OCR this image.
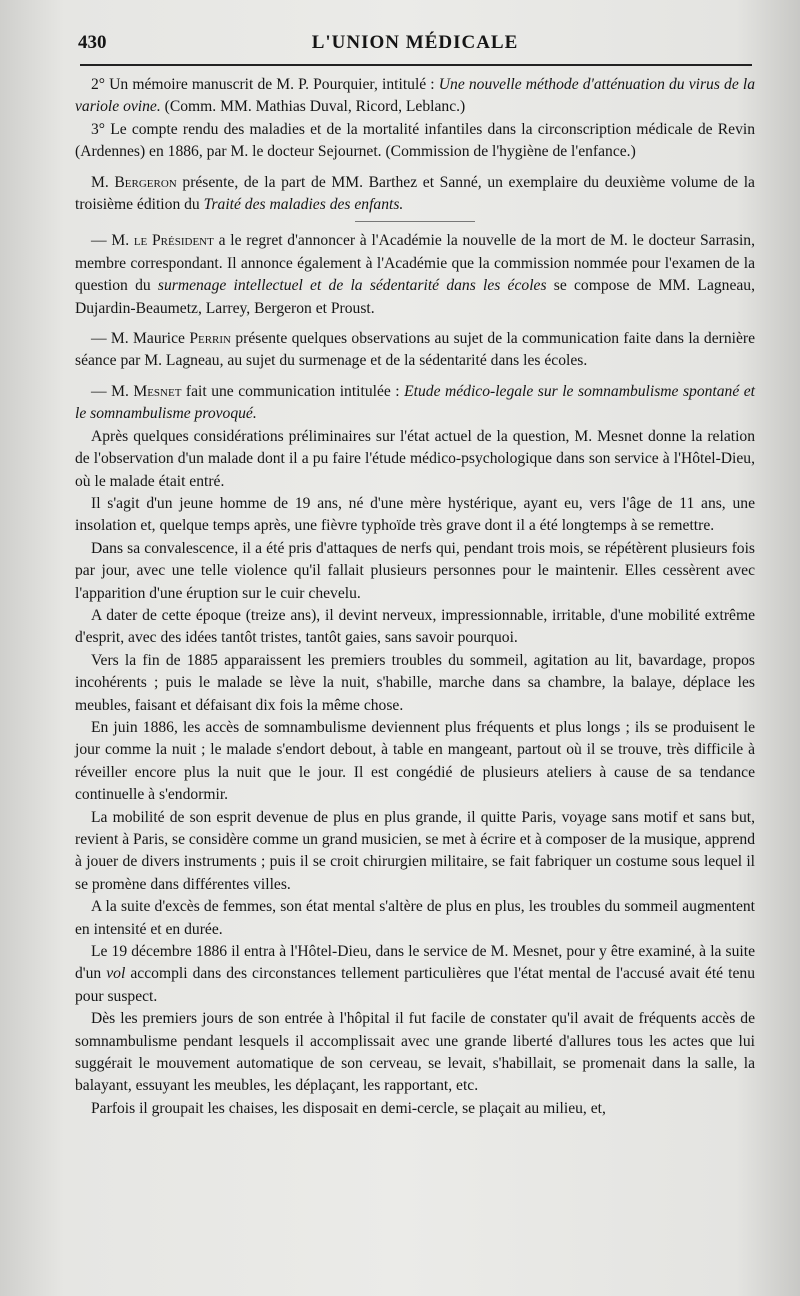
430	L'UNION MÉDICALE

2° Un mémoire manuscrit de M. P. Pourquier, intitulé : Une nouvelle méthode d'atténuation du virus de la variole ovine. (Comm. MM. Mathias Duval, Ricord, Leblanc.)

3° Le compte rendu des maladies et de la mortalité infantiles dans la circonscription médicale de Revin (Ardennes) en 1886, par M. le docteur Sejournet. (Commission de l'hygiène de l'enfance.)

M. Bergeron présente, de la part de MM. Barthez et Sanné, un exemplaire du deuxième volume de la troisième édition du Traité des maladies des enfants.

— M. le Président a le regret d'annoncer à l'Académie la nouvelle de la mort de M. le docteur Sarrasin, membre correspondant. Il annonce également à l'Académie que la commission nommée pour l'examen de la question du surmenage intellectuel et de la sédentarité dans les écoles se compose de MM. Lagneau, Dujardin-Beaumetz, Larrey, Bergeron et Proust.

— M. Maurice Perrin présente quelques observations au sujet de la communication faite dans la dernière séance par M. Lagneau, au sujet du surmenage et de la sédentarité dans les écoles.

— M. Mesnet fait une communication intitulée : Etude médico-legale sur le somnambulisme spontané et le somnambulisme provoqué.

Après quelques considérations préliminaires sur l'état actuel de la question, M. Mesnet donne la relation de l'observation d'un malade dont il a pu faire l'étude médico-psychologique dans son service à l'Hôtel-Dieu, où le malade était entré.

Il s'agit d'un jeune homme de 19 ans, né d'une mère hystérique, ayant eu, vers l'âge de 11 ans, une insolation et, quelque temps après, une fièvre typhoïde très grave dont il a été longtemps à se remettre.

Dans sa convalescence, il a été pris d'attaques de nerfs qui, pendant trois mois, se répétèrent plusieurs fois par jour, avec une telle violence qu'il fallait plusieurs personnes pour le maintenir. Elles cessèrent avec l'apparition d'une éruption sur le cuir chevelu.

A dater de cette époque (treize ans), il devint nerveux, impressionnable, irritable, d'une mobilité extrême d'esprit, avec des idées tantôt tristes, tantôt gaies, sans savoir pourquoi.

Vers la fin de 1885 apparaissent les premiers troubles du sommeil, agitation au lit, bavardage, propos incohérents ; puis le malade se lève la nuit, s'habille, marche dans sa chambre, la balaye, déplace les meubles, faisant et défaisant dix fois la même chose.

En juin 1886, les accès de somnambulisme deviennent plus fréquents et plus longs ; ils se produisent le jour comme la nuit ; le malade s'endort debout, à table en mangeant, partout où il se trouve, très difficile à réveiller encore plus la nuit que le jour. Il est congédié de plusieurs ateliers à cause de sa tendance continuelle à s'endormir.

La mobilité de son esprit devenue de plus en plus grande, il quitte Paris, voyage sans motif et sans but, revient à Paris, se considère comme un grand musicien, se met à écrire et à composer de la musique, apprend à jouer de divers instruments ; puis il se croit chirurgien militaire, se fait fabriquer un costume sous lequel il se promène dans différentes villes.

A la suite d'excès de femmes, son état mental s'altère de plus en plus, les troubles du sommeil augmentent en intensité et en durée.

Le 19 décembre 1886 il entra à l'Hôtel-Dieu, dans le service de M. Mesnet, pour y être examiné, à la suite d'un vol accompli dans des circonstances tellement particulières que l'état mental de l'accusé avait été tenu pour suspect.

Dès les premiers jours de son entrée à l'hôpital il fut facile de constater qu'il avait de fréquents accès de somnambulisme pendant lesquels il accomplissait avec une grande liberté d'allures tous les actes que lui suggérait le mouvement automatique de son cerveau, se levait, s'habillait, se promenait dans la salle, la balayant, essuyant les meubles, les déplaçant, les rapportant, etc.

Parfois il groupait les chaises, les disposait en demi-cercle, se plaçait au milieu, et,
